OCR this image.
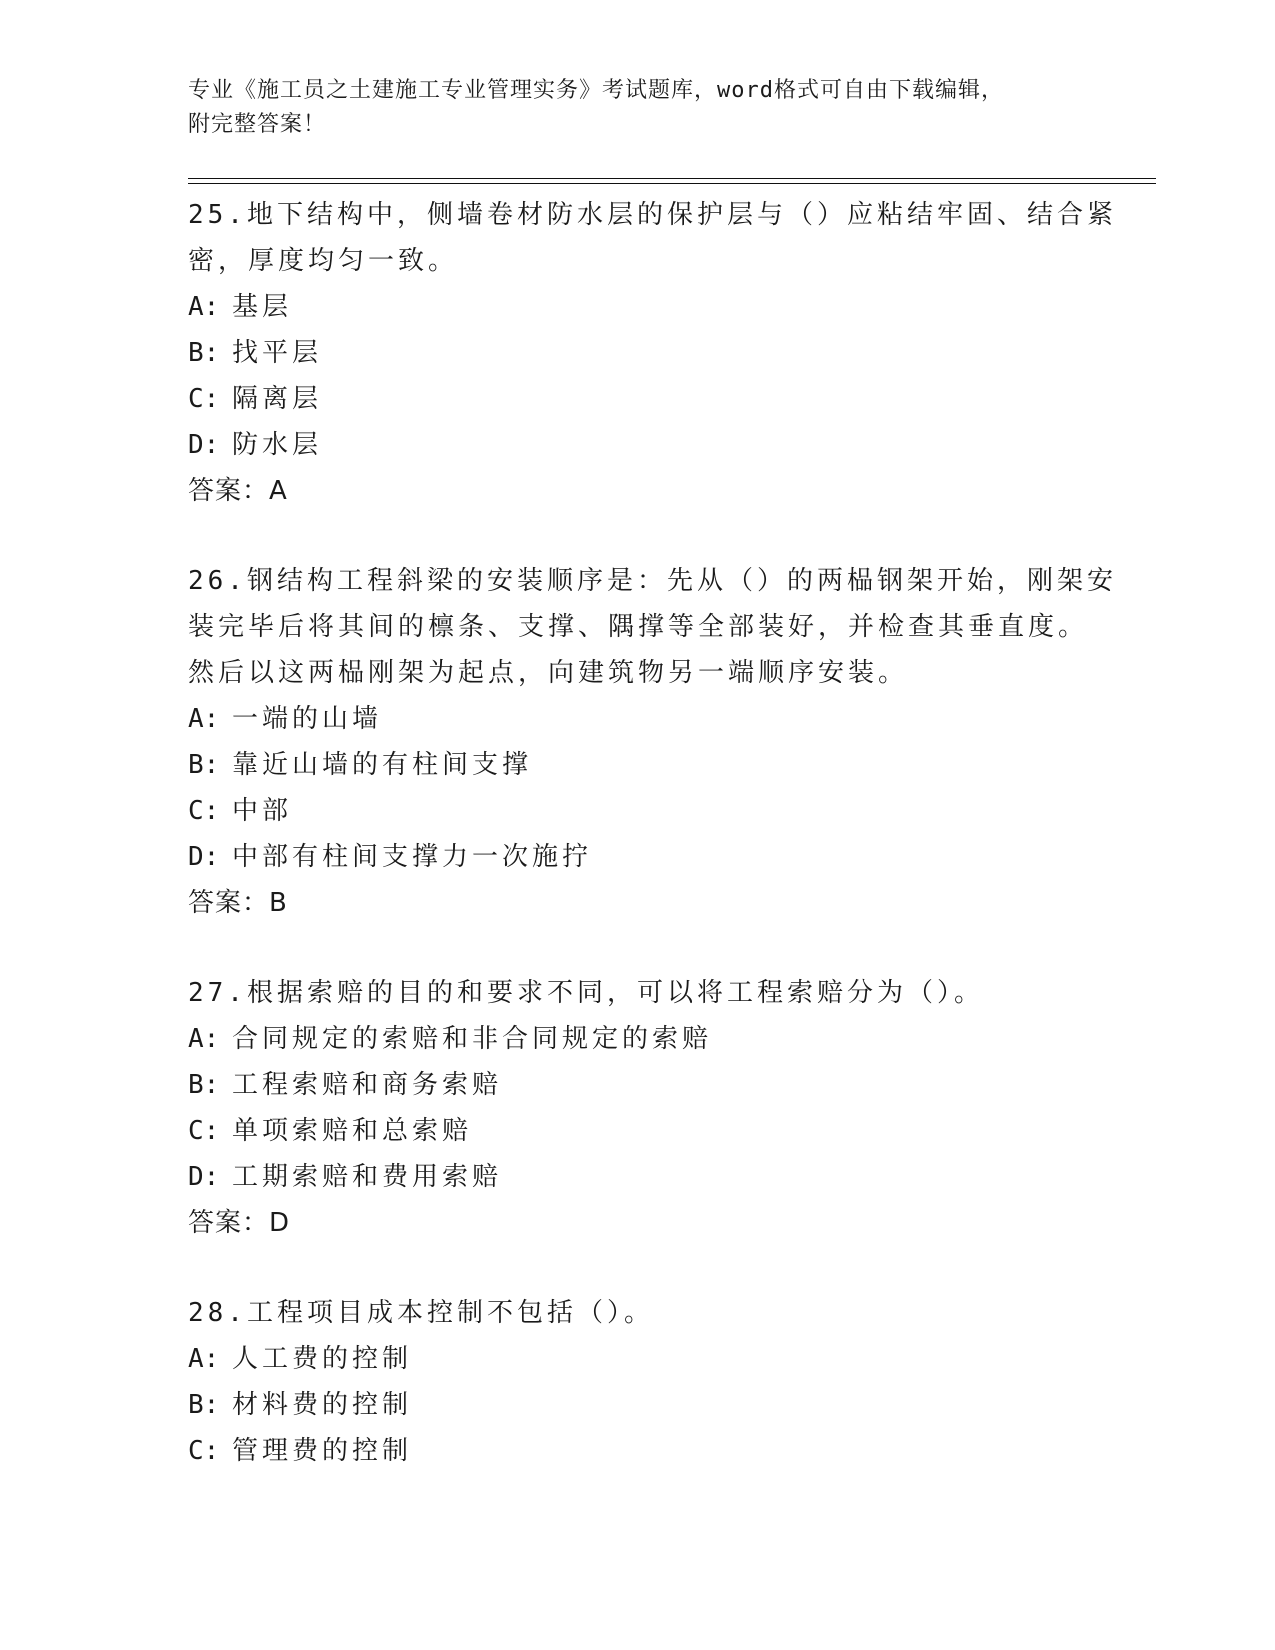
专业《施工员之土建施工专业管理实务》考试题库，word格式可自由下载编辑，
附完整答案！
25.地下结构中，侧墙卷材防水层的保护层与（）应粘结牢固、结合紧
密，厚度均匀一致。
A: 基层
B: 找平层
C: 隔离层
D: 防水层
答案：A
26.钢结构工程斜梁的安装顺序是：先从（）的两榀钢架开始，刚架安
装完毕后将其间的檩条、支撑、隅撑等全部装好，并检查其垂直度。
然后以这两榀刚架为起点，向建筑物另一端顺序安装。
A: 一端的山墙
B: 靠近山墙的有柱间支撑
C: 中部
D: 中部有柱间支撑力一次施拧
答案：B
27.根据索赔的目的和要求不同，可以将工程索赔分为（）。
A: 合同规定的索赔和非合同规定的索赔
B: 工程索赔和商务索赔
C: 单项索赔和总索赔
D: 工期索赔和费用索赔
答案：D
28.工程项目成本控制不包括（）。
A: 人工费的控制
B: 材料费的控制
C: 管理费的控制
